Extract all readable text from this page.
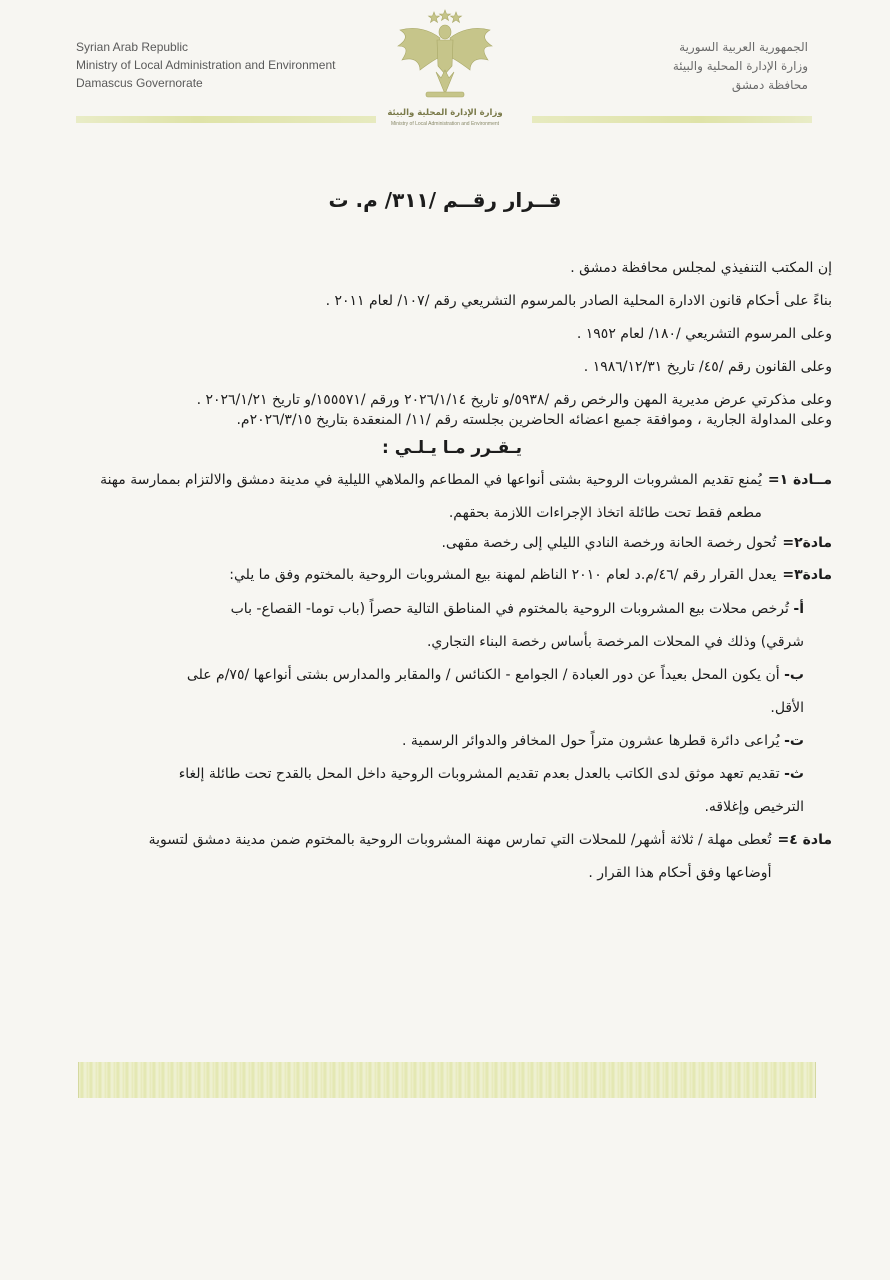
Syrian Arab Republic
Ministry of Local Administration and Environment
Damascus Governorate
وزارة الإدارة المحلية والبيئة
Ministry of Local Administration and Environment
الجمهورية العربية السورية
وزارة الإدارة المحلية والبيئة
محافظة دمشق
قــرار رقــم /٣١١/ م. ت
إن المكتب التنفيذي لمجلس محافظة دمشق .
بناءً على أحكام قانون الادارة المحلية الصادر بالمرسوم التشريعي رقم /١٠٧/ لعام ٢٠١١ .
وعلى المرسوم التشريعي /١٨٠/ لعام ١٩٥٢ .
وعلى القانون رقم /٤٥/ تاريخ ١٩٨٦/١٢/٣١ .
وعلى مذكرتي عرض مديرية المهن والرخص رقم /٥٩٣٨/و تاريخ ٢٠٢٦/١/١٤ ورقم /١٥٥٥٧١/و تاريخ ٢٠٢٦/١/٢١ .
وعلى المداولة الجارية ، وموافقة جميع اعضائه الحاضرين بجلسته رقم /١١/ المنعقدة بتاريخ ٢٠٢٦/٣/١٥م.
يـقـرر مـا يـلـي :
مــادة ١=
يُمنع تقديم المشروبات الروحية بشتى أنواعها في المطاعم والملاهي الليلية في مدينة دمشق والالتزام بممارسة مهنة
مطعم فقط تحت طائلة اتخاذ الإجراءات اللازمة بحقهم.
مادة٢=
تُحول رخصة الحانة ورخصة النادي الليلي إلى رخصة مقهى.
مادة٣=
يعدل القرار رقم /٤٦/م.د لعام ٢٠١٠ الناظم لمهنة بيع المشروبات الروحية بالمختوم وفق ما يلي:
أ- تُرخص محلات بيع المشروبات الروحية بالمختوم في المناطق التالية حصراً (باب توما- القصاع- باب
شرقي) وذلك في المحلات المرخصة بأساس رخصة البناء التجاري.
ب- أن يكون المحل بعيداً عن دور العبادة / الجوامع - الكنائس / والمقابر والمدارس بشتى أنواعها /٧٥/م على
الأقل.
ت- يُراعى دائرة قطرها عشرون متراً حول المخافر والدوائر الرسمية .
ث- تقديم تعهد موثق لدى الكاتب بالعدل بعدم تقديم المشروبات الروحية داخل المحل بالقدح تحت طائلة إلغاء
الترخيص وإغلاقه.
مادة ٤=
تُعطى مهلة / ثلاثة أشهر/ للمحلات التي تمارس مهنة المشروبات الروحية بالمختوم ضمن مدينة دمشق لتسوية
أوضاعها وفق أحكام هذا القرار .
